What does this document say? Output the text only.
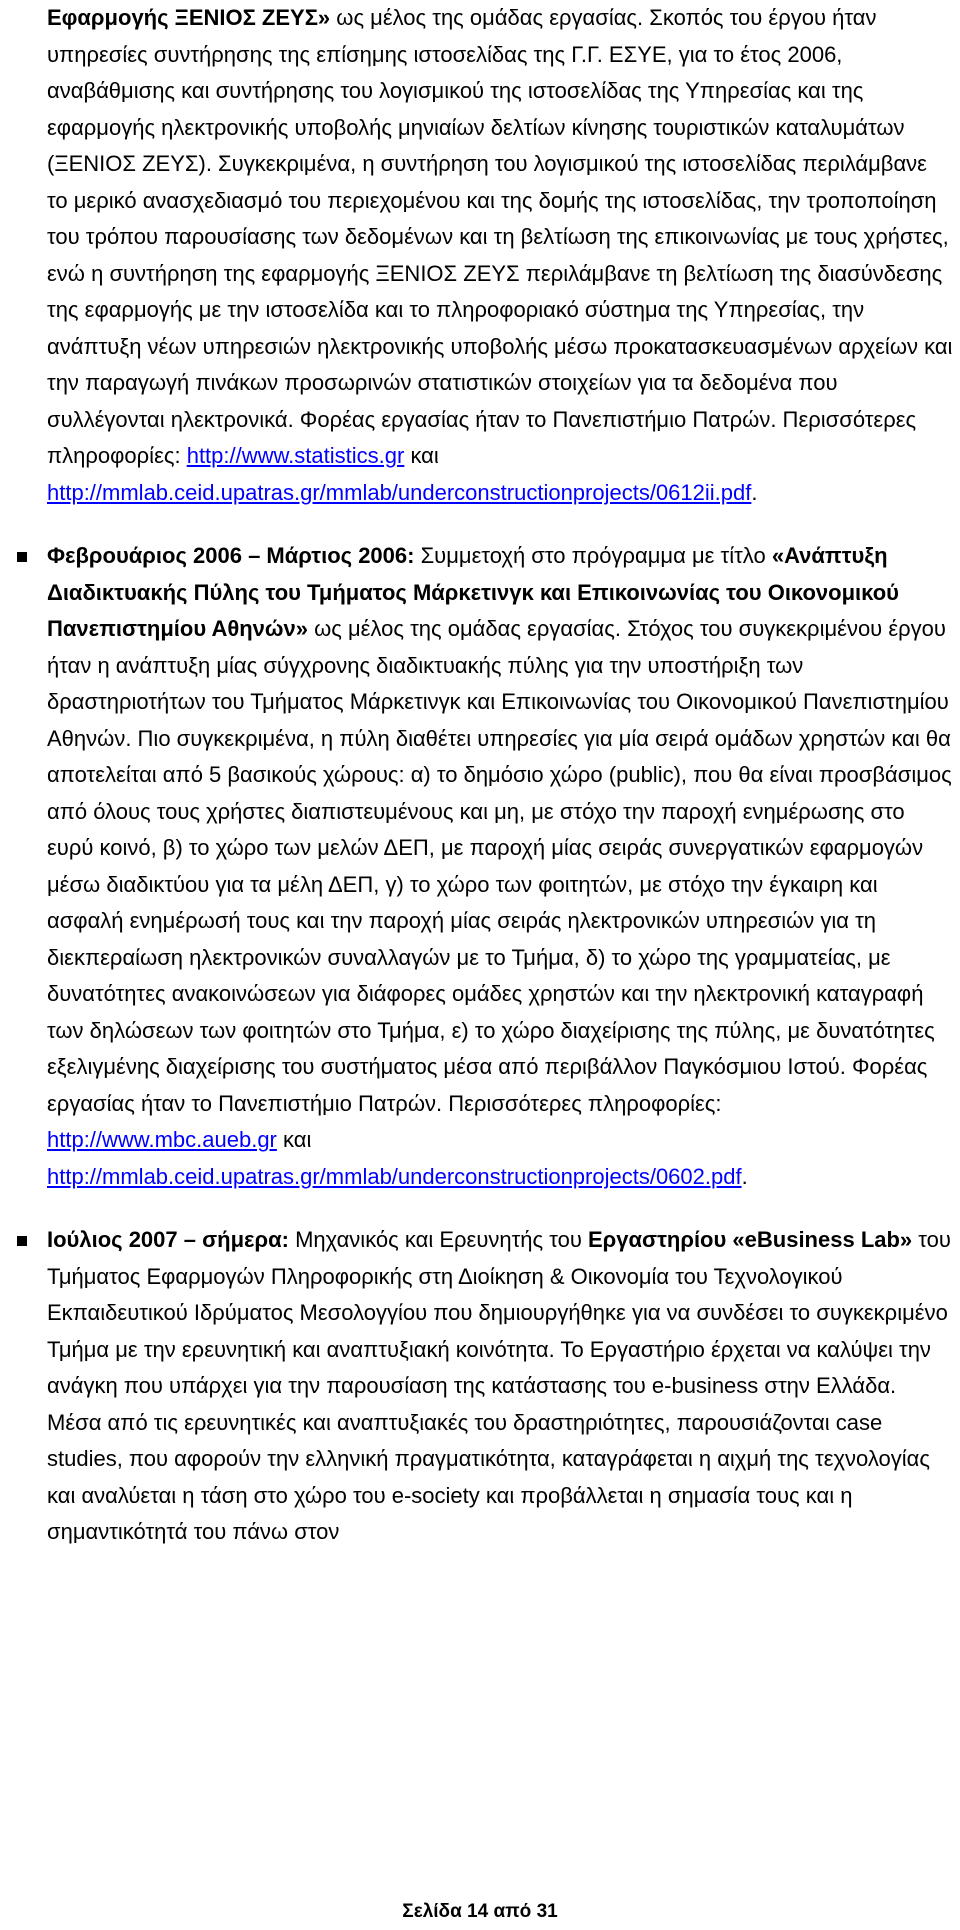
Εφαρμογής ΞΕΝΙΟΣ ΖΕΥΣ» ως μέλος της ομάδας εργασίας. Σκοπός του έργου ήταν υπηρεσίες συντήρησης της επίσημης ιστοσελίδας της Γ.Γ. ΕΣΥΕ, για το έτος 2006, αναβάθμισης και συντήρησης του λογισμικού της ιστοσελίδας της Υπηρεσίας και της εφαρμογής ηλεκτρονικής υποβολής μηνιαίων δελτίων κίνησης τουριστικών καταλυμάτων (ΞΕΝΙΟΣ ΖΕΥΣ). Συγκεκριμένα, η συντήρηση του λογισμικού της ιστοσελίδας περιλάμβανε το μερικό ανασχεδιασμό του περιεχομένου και της δομής της ιστοσελίδας, την τροποποίηση του τρόπου παρουσίασης των δεδομένων και τη βελτίωση της επικοινωνίας με τους χρήστες, ενώ η συντήρηση της εφαρμογής ΞΕΝΙΟΣ ΖΕΥΣ περιλάμβανε τη βελτίωση της διασύνδεσης της εφαρμογής με την ιστοσελίδα και το πληροφοριακό σύστημα της Υπηρεσίας, την ανάπτυξη νέων υπηρεσιών ηλεκτρονικής υποβολής μέσω προκατασκευασμένων αρχείων και την παραγωγή πινάκων προσωρινών στατιστικών στοιχείων για τα δεδομένα που συλλέγονται ηλεκτρονικά. Φορέας εργασίας ήταν το Πανεπιστήμιο Πατρών. Περισσότερες πληροφορίες: http://www.statistics.gr και http://mmlab.ceid.upatras.gr/mmlab/underconstructionprojects/0612ii.pdf.

Φεβρουάριος 2006 – Μάρτιος 2006: Συμμετοχή στο πρόγραμμα με τίτλο «Ανάπτυξη Διαδικτυακής Πύλης του Τμήματος Μάρκετινγκ και Επικοινωνίας του Οικονομικού Πανεπιστημίου Αθηνών» ως μέλος της ομάδας εργασίας. Στόχος του συγκεκριμένου έργου ήταν η ανάπτυξη μίας σύγχρονης διαδικτυακής πύλης για την υποστήριξη των δραστηριοτήτων του Τμήματος Μάρκετινγκ και Επικοινωνίας του Οικονομικού Πανεπιστημίου Αθηνών. Πιο συγκεκριμένα, η πύλη διαθέτει υπηρεσίες για μία σειρά ομάδων χρηστών και θα αποτελείται από 5 βασικούς χώρους: α) το δημόσιο χώρο (public), που θα είναι προσβάσιμος από όλους τους χρήστες διαπιστευμένους και μη, με στόχο την παροχή ενημέρωσης στο ευρύ κοινό, β) το χώρο των μελών ΔΕΠ, με παροχή μίας σειράς συνεργατικών εφαρμογών μέσω διαδικτύου για τα μέλη ΔΕΠ, γ) το χώρο των φοιτητών, με στόχο την έγκαιρη και ασφαλή ενημέρωσή τους και την παροχή μίας σειράς ηλεκτρονικών υπηρεσιών για τη διεκπεραίωση ηλεκτρονικών συναλλαγών με το Τμήμα, δ) το χώρο της γραμματείας, με δυνατότητες ανακοινώσεων για διάφορες ομάδες χρηστών και την ηλεκτρονική καταγραφή των δηλώσεων των φοιτητών στο Τμήμα, ε) το χώρο διαχείρισης της πύλης, με δυνατότητες εξελιγμένης διαχείρισης του συστήματος μέσα από περιβάλλον Παγκόσμιου Ιστού. Φορέας εργασίας ήταν το Πανεπιστήμιο Πατρών. Περισσότερες πληροφορίες: http://www.mbc.aueb.gr και http://mmlab.ceid.upatras.gr/mmlab/underconstructionprojects/0602.pdf.
Ιούλιος 2007 – σήμερα: Μηχανικός και Ερευνητής του Εργαστηρίου «eBusiness Lab» του Τμήματος Εφαρμογών Πληροφορικής στη Διοίκηση & Οικονομία του Τεχνολογικού Εκπαιδευτικού Ιδρύματος Μεσολογγίου που δημιουργήθηκε για να συνδέσει το συγκεκριμένο Τμήμα με την ερευνητική και αναπτυξιακή κοινότητα. Το Εργαστήριο έρχεται να καλύψει την ανάγκη που υπάρχει για την παρουσίαση της κατάστασης του e-business στην Ελλάδα. Μέσα από τις ερευνητικές και αναπτυξιακές του δραστηριότητες, παρουσιάζονται case studies, που αφορούν την ελληνική πραγματικότητα, καταγράφεται η αιχμή της τεχνολογίας και αναλύεται η τάση στο χώρο του e-society και προβάλλεται η σημασία τους και η σημαντικότητά του πάνω στον
Σελίδα 14 από 31
